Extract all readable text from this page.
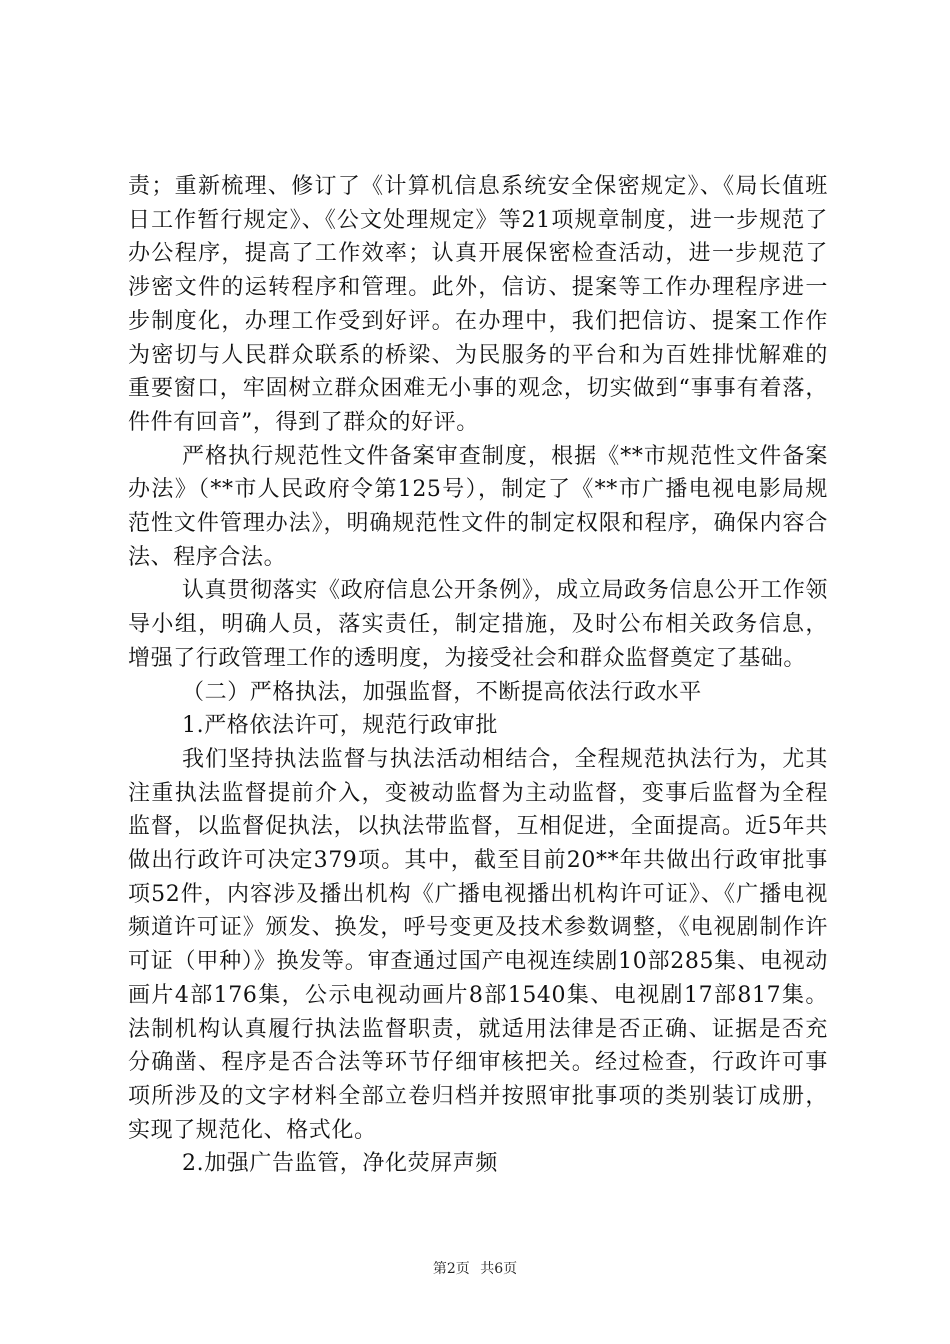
责；重新梳理、修订了《计算机信息系统安全保密规定》、《局长值班日工作暂行规定》、《公文处理规定》等21项规章制度，进一步规范了办公程序，提高了工作效率；认真开展保密检查活动，进一步规范了涉密文件的运转程序和管理。此外，信访、提案等工作办理程序进一步制度化，办理工作受到好评。在办理中，我们把信访、提案工作作为密切与人民群众联系的桥梁、为民服务的平台和为百姓排忧解难的重要窗口，牢固树立群众困难无小事的观念，切实做到“事事有着落，件件有回音”，得到了群众的好评。

严格执行规范性文件备案审查制度，根据《**市规范性文件备案办法》（**市人民政府令第125号），制定了《**市广播电视电影局规范性文件管理办法》，明确规范性文件的制定权限和程序，确保内容合法、程序合法。

认真贯彻落实《政府信息公开条例》，成立局政务信息公开工作领导小组，明确人员，落实责任，制定措施，及时公布相关政务信息，增强了行政管理工作的透明度，为接受社会和群众监督奠定了基础。

（二）严格执法，加强监督，不断提高依法行政水平

1.严格依法许可，规范行政审批

我们坚持执法监督与执法活动相结合，全程规范执法行为，尤其注重执法监督提前介入，变被动监督为主动监督，变事后监督为全程监督，以监督促执法，以执法带监督，互相促进，全面提高。近5年共做出行政许可决定379项。其中，截至目前20**年共做出行政审批事项52件，内容涉及播出机构《广播电视播出机构许可证》、《广播电视频道许可证》颁发、换发，呼号变更及技术参数调整，《电视剧制作许可证（甲种）》换发等。审查通过国产电视连续剧10部285集、电视动画片4部176集，公示电视动画片8部1540集、电视剧17部817集。法制机构认真履行执法监督职责，就适用法律是否正确、证据是否充分确凿、程序是否合法等环节仔细审核把关。经过检查，行政许可事项所涉及的文字材料全部立卷归档并按照审批事项的类别装订成册，实现了规范化、格式化。

2.加强广告监管，净化荧屏声频

第2页 共6页
